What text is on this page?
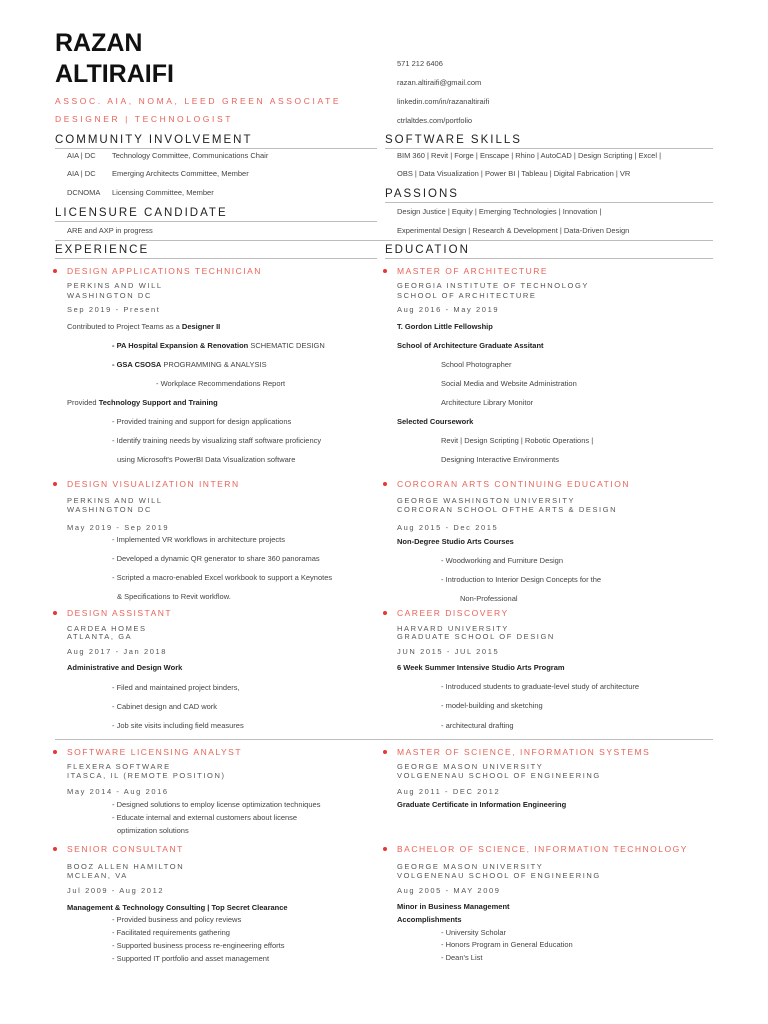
RAZAN
ALTIRAIFI
ASSOC. AIA, NOMA, LEED GREEN ASSOCIATE
DESIGNER | TECHNOLOGIST
571 212 6406
razan.altiraifi@gmail.com
linkedin.com/in/razanaltiraifi
ctrlaltdes.com/portfolio
COMMUNITY INVOLVEMENT
AIA | DC Technology Committee, Communications Chair
AIA | DC Emerging Architects Committee, Member
DCNOMA Licensing Committee, Member
LICENSURE CANDIDATE
ARE and AXP in progress
SOFTWARE SKILLS
BIM 360 | Revit | Forge | Enscape | Rhino | AutoCAD | Design Scripting | Excel |
OBS | Data Visualization | Power BI | Tableau | Digital Fabrication | VR
PASSIONS
Design Justice | Equity | Emerging Technologies | Innovation |
Experimental Design | Research & Development | Data-Driven Design
EXPERIENCE	EDUCATION
DESIGN APPLICATIONS TECHNICIAN
PERKINS AND WILL
WASHINGTON DC
Sep 2019 - Present
Contributed to Project Teams as a Designer II
- PA Hospital Expansion & Renovation SCHEMATIC DESIGN
- GSA CSOSA PROGRAMMING & ANALYSIS
- Workplace Recommendations Report
Provided Technology Support and Training
- Provided training and support for design applications
- Identify training needs by visualizing staff software proficiency
using Microsoft's PowerBI Data Visualization software
MASTER OF ARCHITECTURE
GEORGIA INSTITUTE OF TECHNOLOGY
SCHOOL OF ARCHITECTURE
Aug 2016 - May 2019
T. Gordon Little Fellowship
School of Architecture Graduate Assitant
School Photographer
Social Media and Website Administration
Architecture Library Monitor
Selected Coursework
Revit | Design Scripting | Robotic Operations |
Designing Interactive Environments
DESIGN VISUALIZATION INTERN
PERKINS AND WILL
WASHINGTON DC
May 2019 - Sep 2019
- Implemented VR workflows in architecture projects
- Developed a dynamic QR generator to share 360 panoramas
- Scripted a macro-enabled Excel workbook to support a Keynotes
& Specifications to Revit workflow.
CORCORAN ARTS CONTINUING EDUCATION
GEORGE WASHINGTON UNIVERSITY
CORCORAN SCHOOL OFTHE ARTS & DESIGN
Aug 2015 - Dec 2015
Non-Degree Studio Arts Courses
- Woodworking and Furniture Design
- Introduction to Interior Design Concepts for the
Non-Professional
DESIGN ASSISTANT
CARDEA HOMES
ATLANTA, GA
Aug 2017 - Jan 2018
Administrative and Design Work
- Filed and maintained project binders,
- Cabinet design and CAD work
- Job site visits including field measures
CAREER DISCOVERY
HARVARD UNIVERSITY
GRADUATE SCHOOL OF DESIGN
JUN 2015 - JUL 2015
6 Week Summer Intensive Studio Arts Program
- Introduced students to graduate-level study of architecture
- model-building and sketching
- architectural drafting
SOFTWARE LICENSING ANALYST
FLEXERA SOFTWARE
ITASCA, IL (REMOTE POSITION)
May 2014 - Aug 2016
- Designed solutions to employ license optimization techniques
- Educate internal and external customers about license
optimization solutions
MASTER OF SCIENCE, INFORMATION SYSTEMS
GEORGE MASON UNIVERSITY
VOLGENENAU SCHOOL OF ENGINEERING
Aug 2011 - DEC 2012
Graduate Certificate in Information Engineering
SENIOR CONSULTANT
BOOZ ALLEN HAMILTON
MCLEAN, VA
Jul 2009 - Aug 2012
Management & Technology Consulting | Top Secret Clearance
- Provided business and policy reviews
- Facilitated requirements gathering
- Supported business process re-engineering efforts
- Supported IT portfolio and asset management
BACHELOR OF SCIENCE, INFORMATION TECHNOLOGY
GEORGE MASON UNIVERSITY
VOLGENENAU SCHOOL OF ENGINEERING
Aug 2005 - MAY 2009
Minor in Business Management
Accomplishments
- University Scholar
- Honors Program in General Education
- Dean's List
